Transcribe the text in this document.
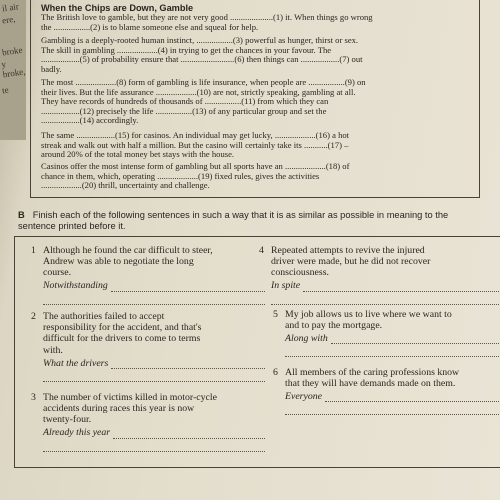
il air
ere,
broke
y broke,
te
When the Chips are Down, Gamble
The British love to gamble, but they are not very good ....................(1) it. When things go wrong
the .................(2) is to blame someone else and squeal for help.
Gambling is a deeply-rooted human instinct, .................(3) powerful as hunger, thirst or sex.
The skill in gambling ...................(4) in trying to get the chances in your favour. The
..................(5) of probability ensure that .........................(6) then things can ..................(7) out
badly.
The most ...................(8) form of gambling is life insurance, when people are .................(9) on
their lives. But the life assurance ...................(10) are not, strictly speaking, gambling at all.
They have records of hundreds of thousands of .................(11) from which they can
..................(12) precisely the life .................(13) of any particular group and set the
..................(14) accordingly.
The same ..................(15) for casinos. An individual may get lucky, ...................(16) a hot
streak and walk out with half a million. But the casino will certainly take its ...........(17) –
around 20% of the total money bet stays with the house.
Casinos offer the most intense form of gambling but all sports have an ...................(18) of
chance in them, which, operating ...................(19) fixed rules, gives the activities
...................(20) thrill, uncertainty and challenge.
B Finish each of the following sentences in such a way that it is as similar as possible in meaning to the sentence printed before it.
1 Although he found the car difficult to steer,
Andrew was able to negotiate the long
course.
Notwithstanding
2 The authorities failed to accept
responsibility for the accident, and that's
difficult for the drivers to come to terms
with.
What the drivers
3 The number of victims killed in motor-cycle
accidents during races this year is now
twenty-four.
Already this year
4 Repeated attempts to revive the injured
driver were made, but he did not recover
consciousness.
In spite
5 My job allows us to live where we want to
and to pay the mortgage.
Along with
6 All members of the caring professions know
that they will have demands made on them.
Everyone
